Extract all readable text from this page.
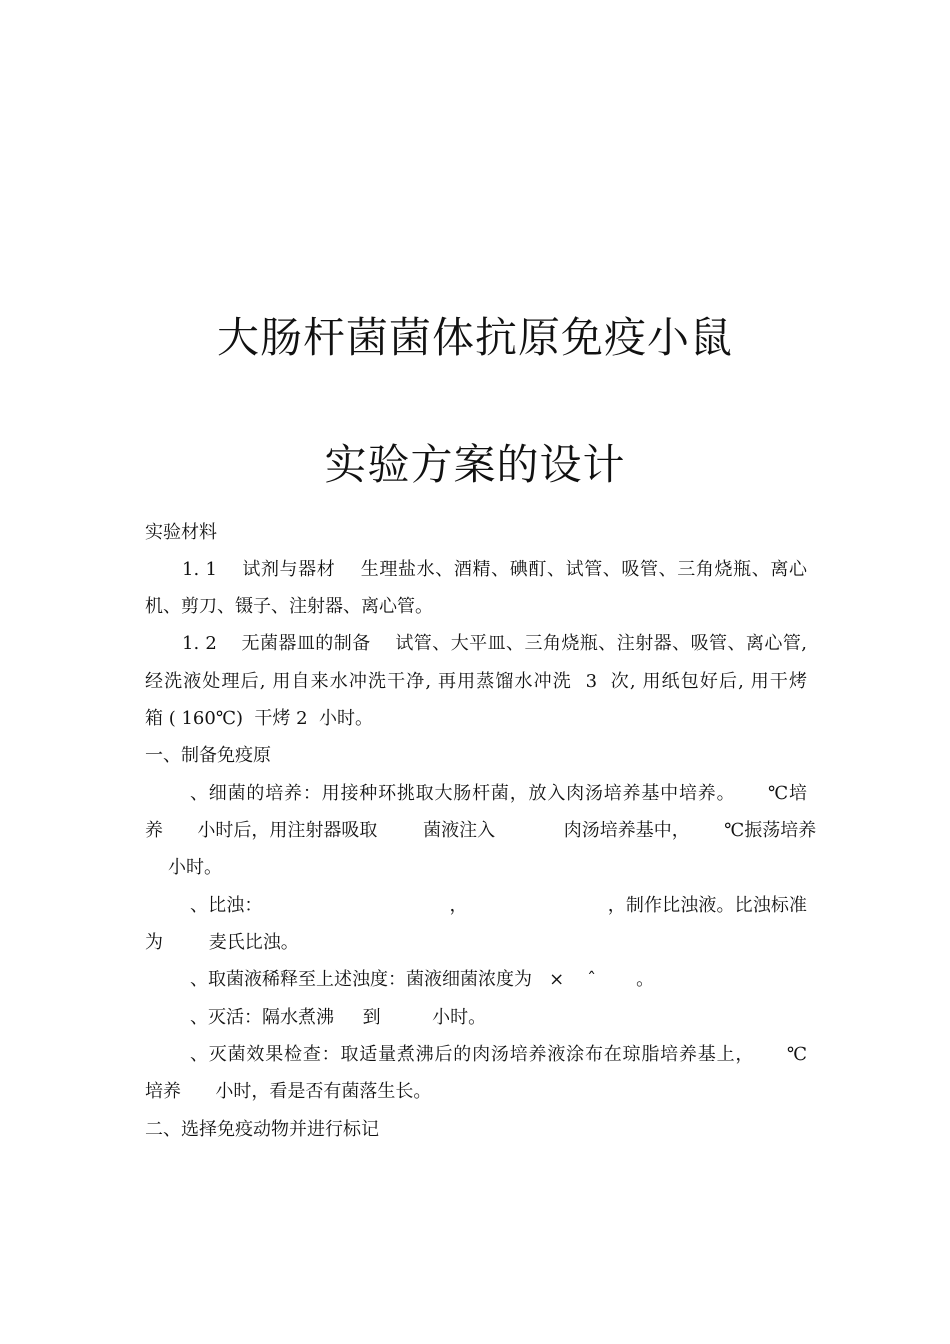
大肠杆菌菌体抗原免疫小鼠
实验方案的设计
实验材料
1. 1    试剂与器材    生理盐水、酒精、碘酊、试管、吸管、三角烧瓶、离心
机、剪刀、镊子、注射器、离心管。
1. 2    无菌器皿的制备    试管、大平皿、三角烧瓶、注射器、吸管、离心管,
经洗液处理后, 用自来水冲洗干净, 再用蒸馏水冲洗  3  次, 用纸包好后, 用干烤
箱 ( 160℃)  干烤 2  小时。
一、制备免疫原
、细菌的培养：用接种环挑取大肠杆菌，放入肉汤培养基中培养。     ℃培
养      小时后，用注射器吸取        菌液注入            肉汤培养基中，      ℃振荡培养
小时。
、比浊：                                ，                        ，制作比浊液。比浊标准
为        麦氏比浊。
、取菌液稀释至上述浊度：菌液细菌浓度为   ×    ˆ       。
、灭活：隔水煮沸     到         小时。
、灭菌效果检查：取适量煮沸后的肉汤培养液涂布在琼脂培养基上，     ℃
培养      小时，看是否有菌落生长。
二、选择免疫动物并进行标记
